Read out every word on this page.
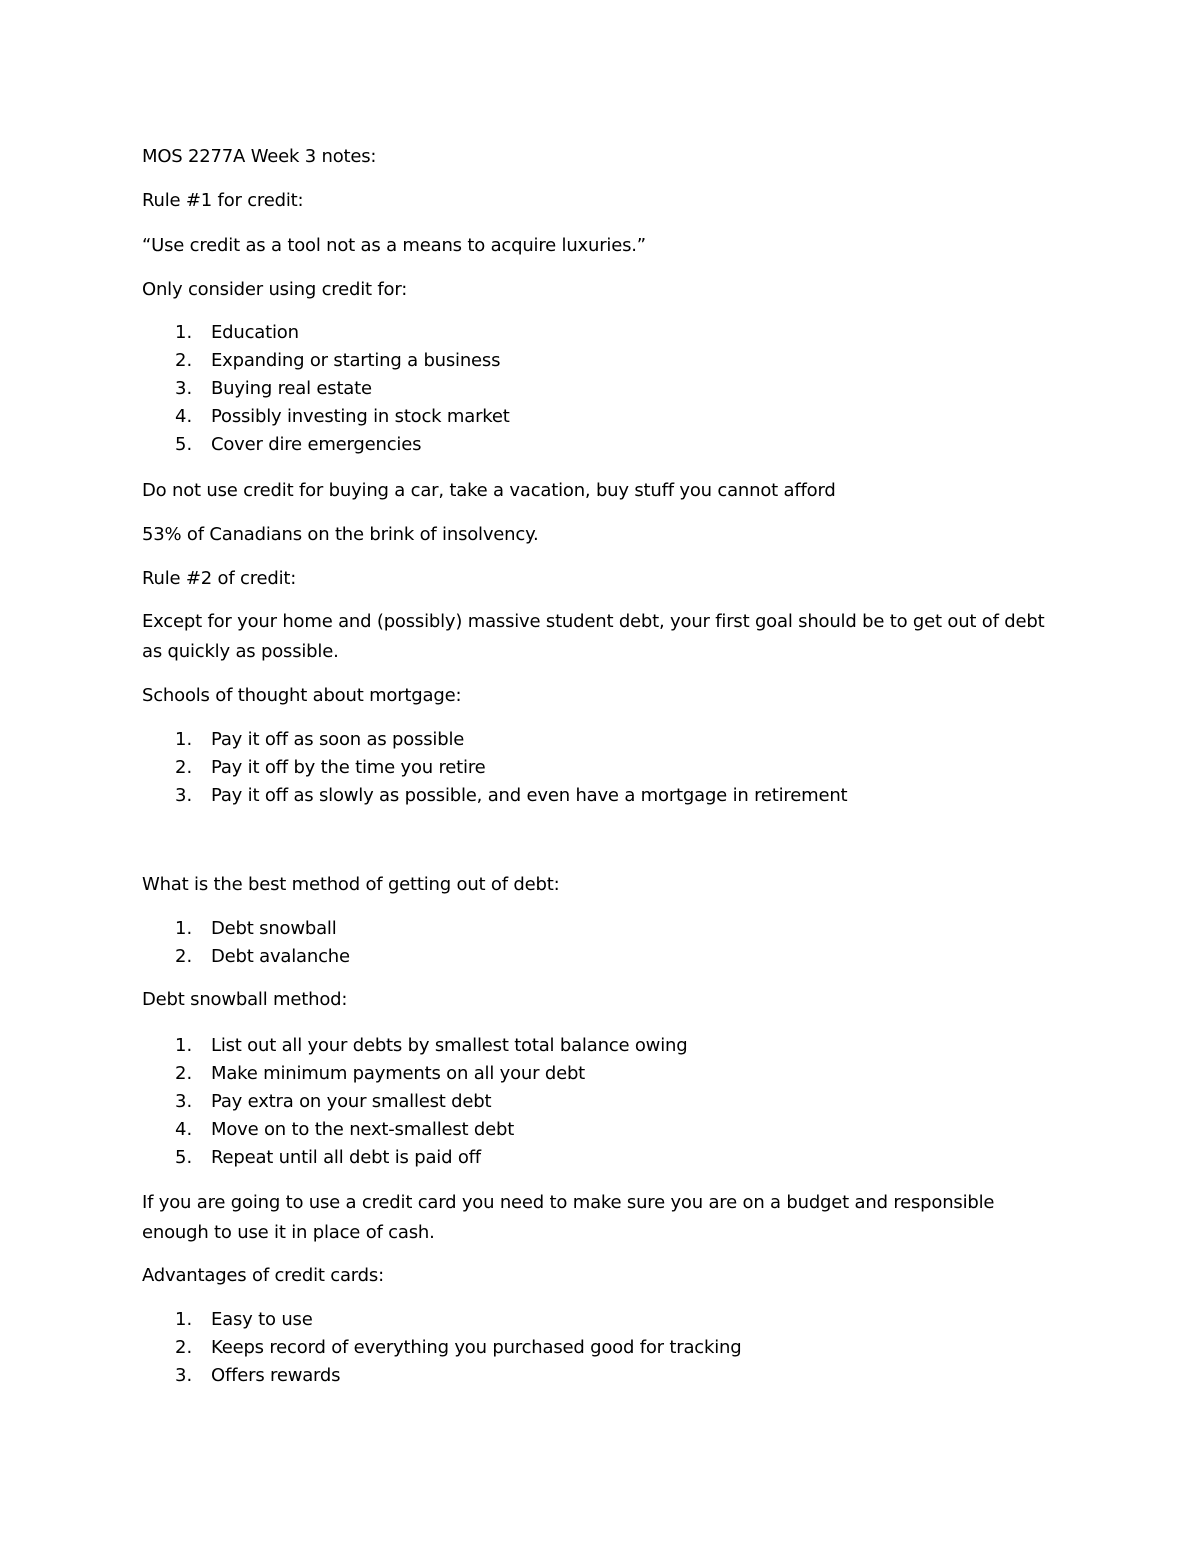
MOS 2277A Week 3 notes:
Rule #1 for credit:
“Use credit as a tool not as a means to acquire luxuries.”
Only consider using credit for:
1. Education
2. Expanding or starting a business
3. Buying real estate
4. Possibly investing in stock market
5. Cover dire emergencies
Do not use credit for buying a car, take a vacation, buy stuff you cannot afford
53% of Canadians on the brink of insolvency.
Rule #2 of credit:
Except for your home and (possibly) massive student debt, your first goal should be to get out of debt as quickly as possible.
Schools of thought about mortgage:
1. Pay it off as soon as possible
2. Pay it off by the time you retire
3. Pay it off as slowly as possible, and even have a mortgage in retirement
What is the best method of getting out of debt:
1. Debt snowball
2. Debt avalanche
Debt snowball method:
1. List out all your debts by smallest total balance owing
2. Make minimum payments on all your debt
3. Pay extra on your smallest debt
4. Move on to the next-smallest debt
5. Repeat until all debt is paid off
If you are going to use a credit card you need to make sure you are on a budget and responsible enough to use it in place of cash.
Advantages of credit cards:
1. Easy to use
2. Keeps record of everything you purchased good for tracking
3. Offers rewards
